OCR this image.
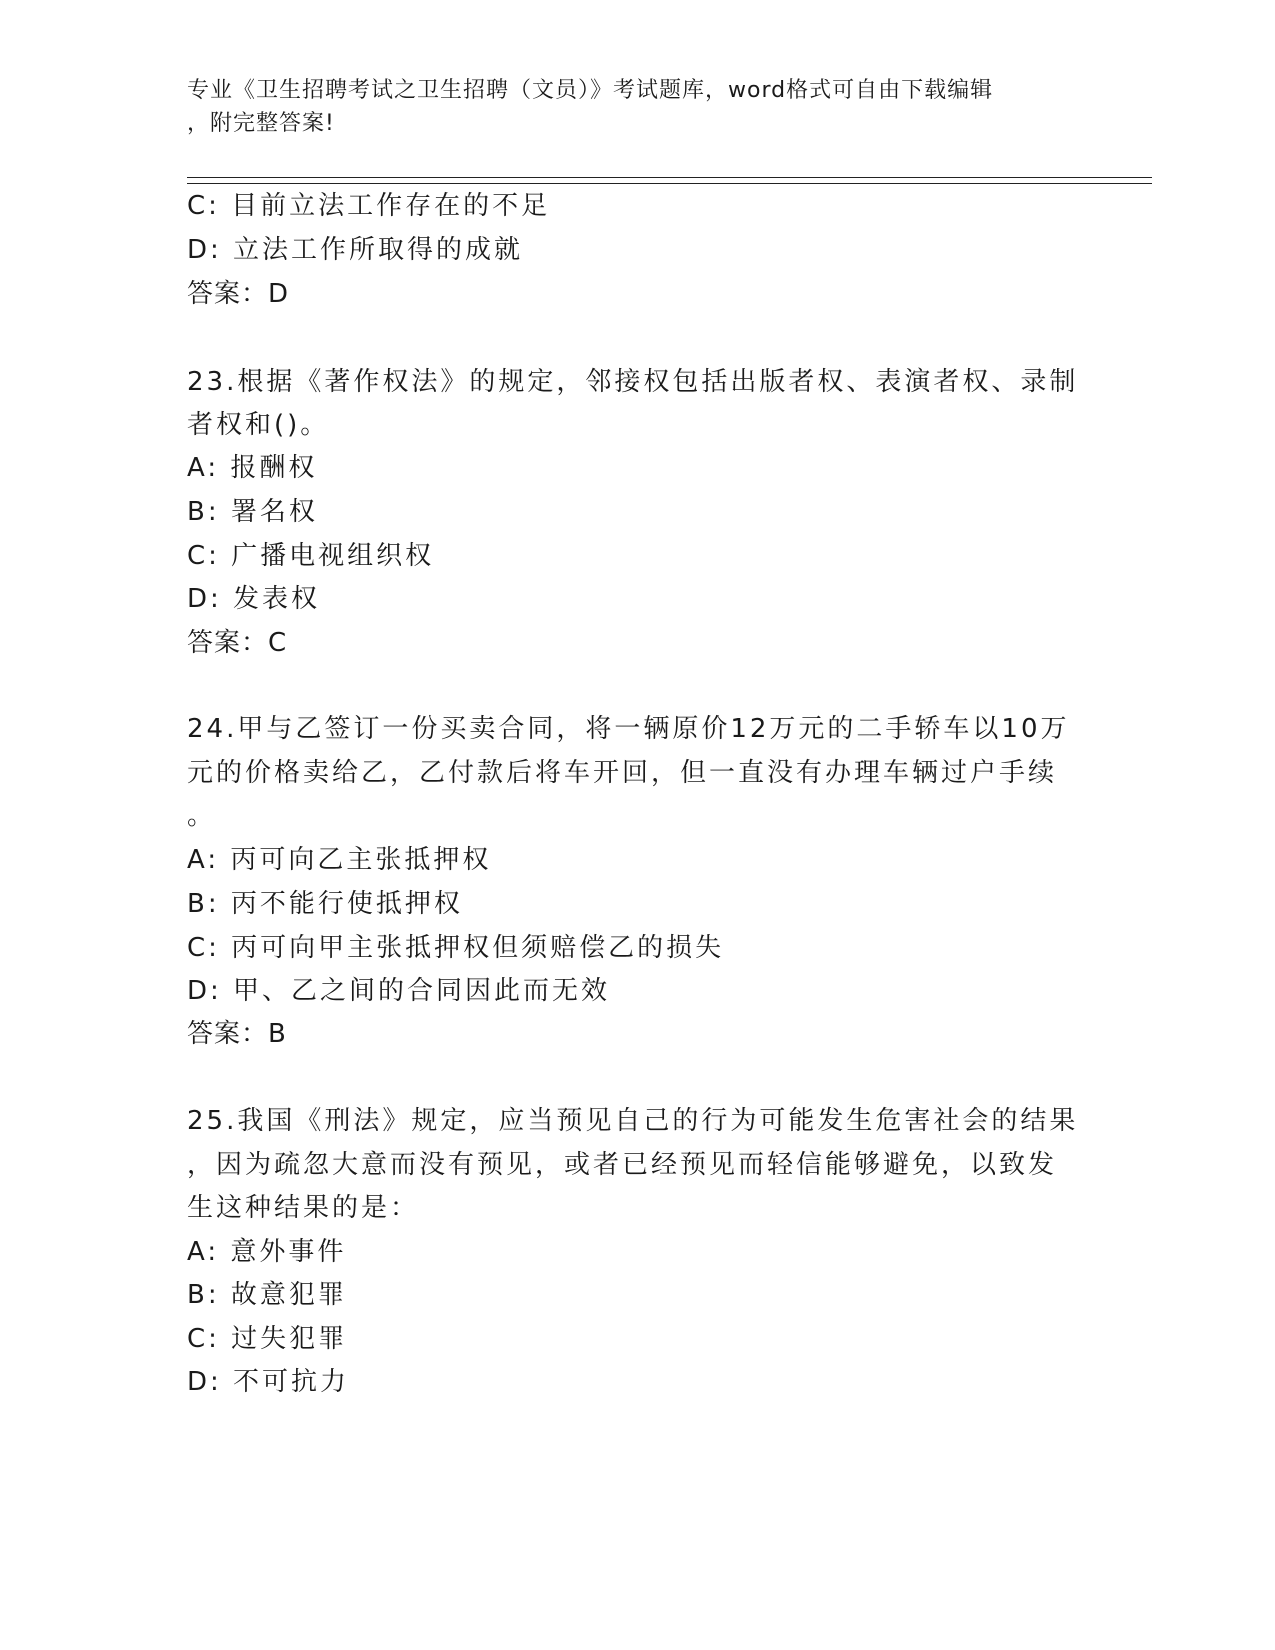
专业《卫生招聘考试之卫生招聘（文员）》考试题库，word格式可自由下载编辑
，附完整答案!
C: 目前立法工作存在的不足
D: 立法工作所取得的成就
答案：D
23.根据《著作权法》的规定，邻接权包括出版者权、表演者权、录制
者权和()。
A: 报酬权
B: 署名权
C: 广播电视组织权
D: 发表权
答案：C
24.甲与乙签订一份买卖合同，将一辆原价12万元的二手轿车以10万
元的价格卖给乙，乙付款后将车开回，但一直没有办理车辆过户手续
。
A: 丙可向乙主张抵押权
B: 丙不能行使抵押权
C: 丙可向甲主张抵押权但须赔偿乙的损失
D: 甲、乙之间的合同因此而无效
答案：B
25.我国《刑法》规定，应当预见自己的行为可能发生危害社会的结果
，因为疏忽大意而没有预见，或者已经预见而轻信能够避免，以致发
生这种结果的是：
A: 意外事件
B: 故意犯罪
C: 过失犯罪
D: 不可抗力
